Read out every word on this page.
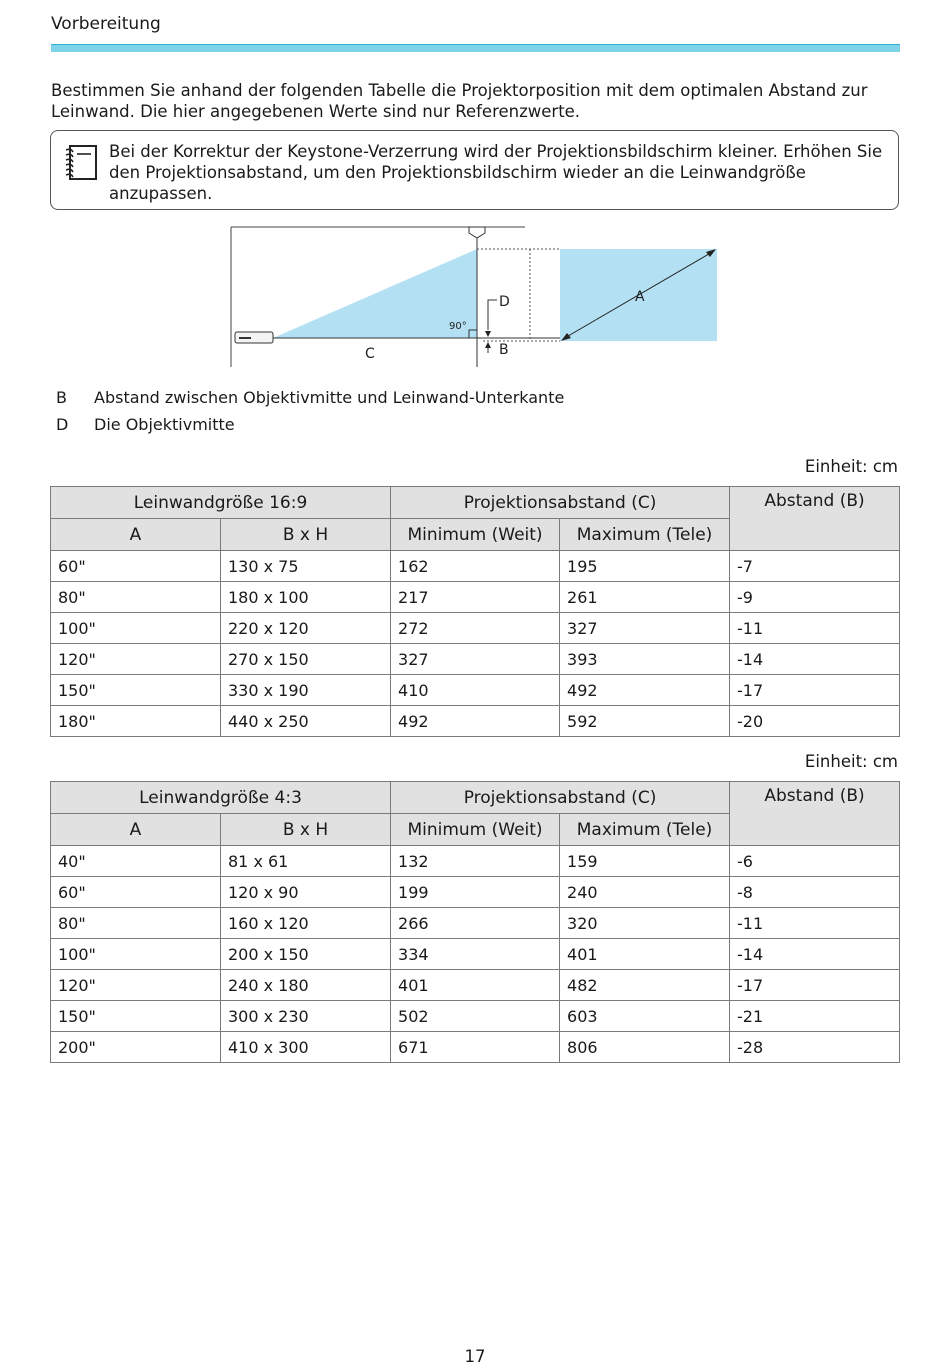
Vorbereitung
Bestimmen Sie anhand der folgenden Tabelle die Projektorposition mit dem optimalen Abstand zur Leinwand. Die hier angegebenen Werte sind nur Referenzwerte.
Bei der Korrektur der Keystone-Verzerrung wird der Projektionsbildschirm kleiner. Erhöhen Sie den Projektionsabstand, um den Projektionsbildschirm wieder an die Leinwandgröße anzupassen.
A
90°
D
B
C
B Abstand zwischen Objektivmitte und Leinwand-Unterkante
D Die Objektivmitte
Einheit: cm
Leinwandgröße 16:9		Projektionsabstand (C)		Abstand (B)
A	B x H	Minimum (Weit)	Maximum (Tele)	
60"	130 x 75	162	195	-7
80"	180 x 100	217	261	-9
100"	220 x 120	272	327	-11
120"	270 x 150	327	393	-14
150"	330 x 190	410	492	-17
180"	440 x 250	492	592	-20
Einheit: cm
Leinwandgröße 4:3		Projektionsabstand (C)		Abstand (B)
A	B x H	Minimum (Weit)	Maximum (Tele)	
40"	81 x 61	132	159	-6
60"	120 x 90	199	240	-8
80"	160 x 120	266	320	-11
100"	200 x 150	334	401	-14
120"	240 x 180	401	482	-17
150"	300 x 230	502	603	-21
200"	410 x 300	671	806	-28
17
